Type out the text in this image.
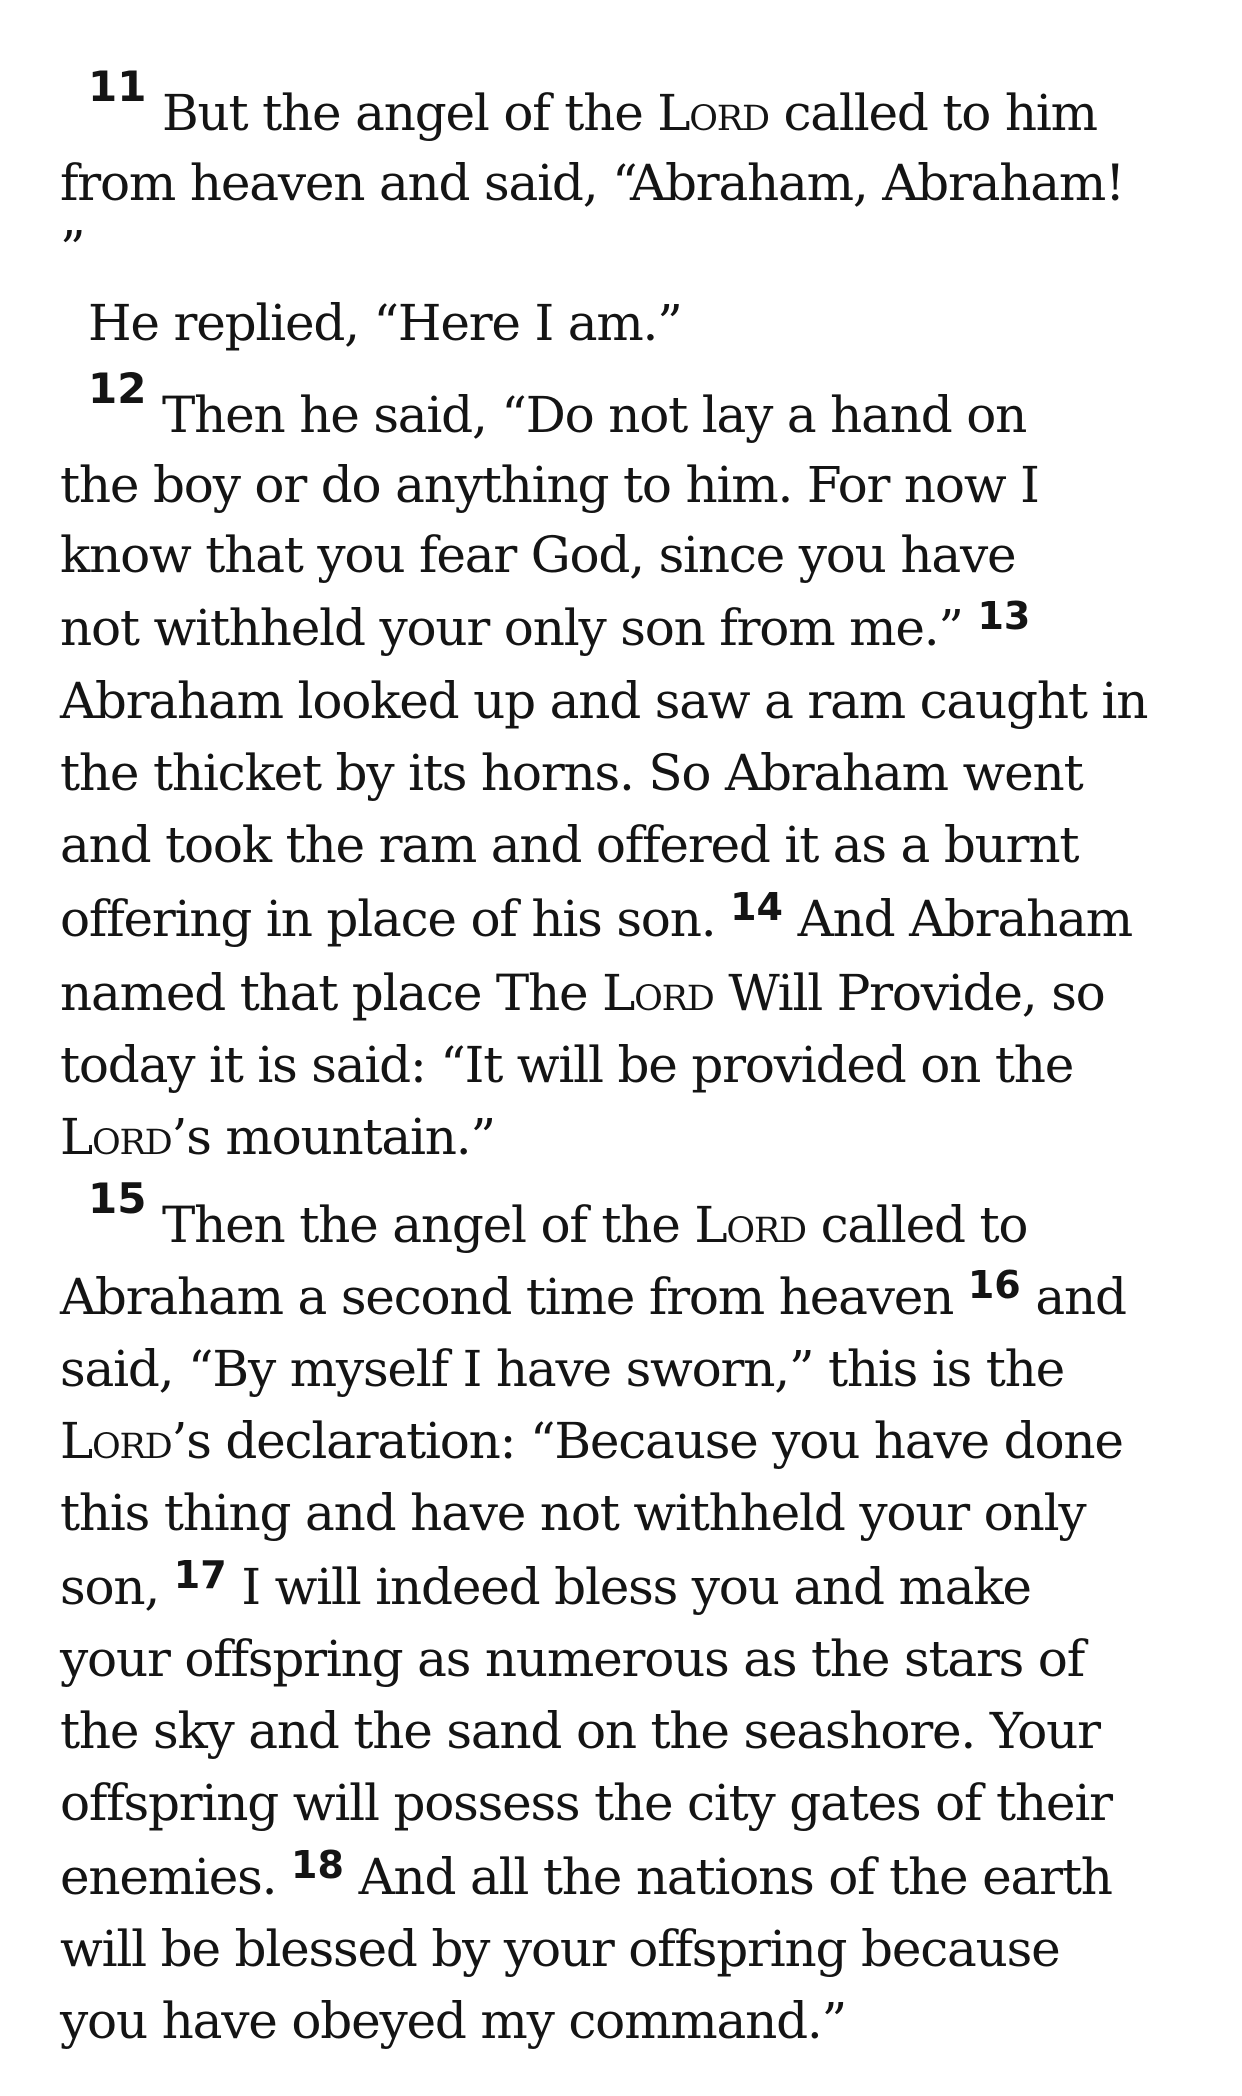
11 But the angel of the Lord called to him
from heaven and said, “Abraham, Abraham!
”
He replied, “Here I am.”
12 Then he said, “Do not lay a hand on
the boy or do anything to him. For now I
know that you fear God, since you have
not withheld your only son from me.” $^{13}$
Abraham looked up and saw a ram caught in
the thicket by its horns. So Abraham went
and took the ram and offered it as a burnt
offering in place of his son. $^{14}$ And Abraham
named that place The Lord Will Provide, so
today it is said: “It will be provided on the
Lord’s mountain.”
15 Then the angel of the Lord called to
Abraham a second time from heaven $^{16}$ and
said, “By myself I have sworn,” this is the
Lord’s declaration: “Because you have done
this thing and have not withheld your only
son, $^{17}$ I will indeed bless you and make
your offspring as numerous as the stars of
the sky and the sand on the seashore. Your
offspring will possess the city gates of their
enemies. $^{18}$ And all the nations of the earth
will be blessed by your offspring because
you have obeyed my command.”
